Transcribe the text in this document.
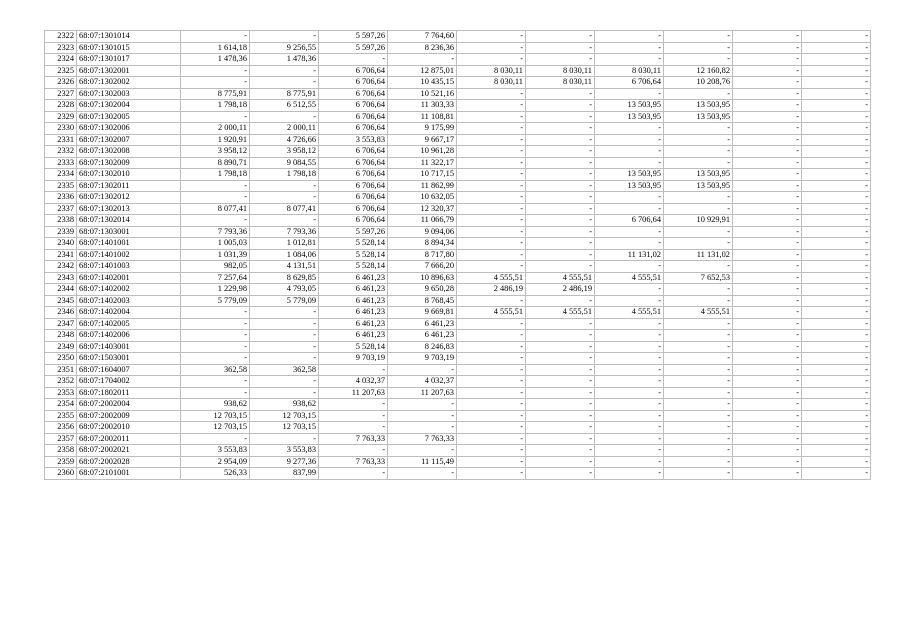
2322	68:07:1301014	-	-	5 597,26	7 764,60	-	-	-	-	-	-
2323	68:07:1301015	1 614,18	9 256,55	5 597,26	8 236,36	-	-	-	-	-	-
2324	68:07:1301017	1 478,36	1 478,36	-	-	-	-	-	-	-	-
2325	68:07:1302001	-	-	6 706,64	12 875,01	8 030,11	8 030,11	8 030,11	12 160,82	-	-
2326	68:07:1302002	-	-	6 706,64	10 435,15	8 030,11	8 030,11	6 706,64	10 208,76	-	-
2327	68:07:1302003	8 775,91	8 775,91	6 706,64	10 521,16	-	-	-	-	-	-
2328	68:07:1302004	1 798,18	6 512,55	6 706,64	11 303,33	-	-	13 503,95	13 503,95	-	-
2329	68:07:1302005	-	-	6 706,64	11 108,81	-	-	13 503,95	13 503,95	-	-
2330	68:07:1302006	2 000,11	2 000,11	6 706,64	9 175,99	-	-	-	-	-	-
2331	68:07:1302007	1 920,91	4 726,66	3 553,83	9 667,17	-	-	-	-	-	-
2332	68:07:1302008	3 958,12	3 958,12	6 706,64	10 961,28	-	-	-	-	-	-
2333	68:07:1302009	8 890,71	9 084,55	6 706,64	11 322,17	-	-	-	-	-	-
2334	68:07:1302010	1 798,18	1 798,18	6 706,64	10 717,15	-	-	13 503,95	13 503,95	-	-
2335	68:07:1302011	-	-	6 706,64	11 862,99	-	-	13 503,95	13 503,95	-	-
2336	68:07:1302012	-	-	6 706,64	10 632,05	-	-	-	-	-	-
2337	68:07:1302013	8 077,41	8 077,41	6 706,64	12 320,37	-	-	-	-	-	-
2338	68:07:1302014	-	-	6 706,64	11 066,79	-	-	6 706,64	10 929,91	-	-
2339	68:07:1303001	7 793,36	7 793,36	5 597,26	9 094,06	-	-	-	-	-	-
2340	68:07:1401001	1 005,03	1 012,81	5 528,14	8 894,34	-	-	-	-	-	-
2341	68:07:1401002	1 031,39	1 084,06	5 528,14	8 717,80	-	-	11 131,02	11 131,02	-	-
2342	68:07:1401003	982,05	4 131,51	5 528,14	7 666,20	-	-	-	-	-	-
2343	68:07:1402001	7 257,64	8 629,85	6 461,23	10 896,63	4 555,51	4 555,51	4 555,51	7 652,53	-	-
2344	68:07:1402002	1 229,98	4 793,05	6 461,23	9 650,28	2 486,19	2 486,19	-	-	-	-
2345	68:07:1402003	5 779,09	5 779,09	6 461,23	8 768,45	-	-	-	-	-	-
2346	68:07:1402004	-	-	6 461,23	9 669,81	4 555,51	4 555,51	4 555,51	4 555,51	-	-
2347	68:07:1402005	-	-	6 461,23	6 461,23	-	-	-	-	-	-
2348	68:07:1402006	-	-	6 461,23	6 461,23	-	-	-	-	-	-
2349	68:07:1403001	-	-	5 528,14	8 246,83	-	-	-	-	-	-
2350	68:07:1503001	-	-	9 703,19	9 703,19	-	-	-	-	-	-
2351	68:07:1604007	362,58	362,58	-	-	-	-	-	-	-	-
2352	68:07:1704002	-	-	4 032,37	4 032,37	-	-	-	-	-	-
2353	68:07:1802011	-	-	11 207,63	11 207,63	-	-	-	-	-	-
2354	68:07:2002004	938,62	938,62	-	-	-	-	-	-	-	-
2355	68:07:2002009	12 703,15	12 703,15	-	-	-	-	-	-	-	-
2356	68:07:2002010	12 703,15	12 703,15	-	-	-	-	-	-	-	-
2357	68:07:2002011	-	-	7 763,33	7 763,33	-	-	-	-	-	-
2358	68:07:2002021	3 553,83	3 553,83	-	-	-	-	-	-	-	-
2359	68:07:2002028	2 954,09	9 277,36	7 763,33	11 115,49	-	-	-	-	-	-
2360	68:07:2101001	526,33	837,99	-	-	-	-	-	-	-	-
